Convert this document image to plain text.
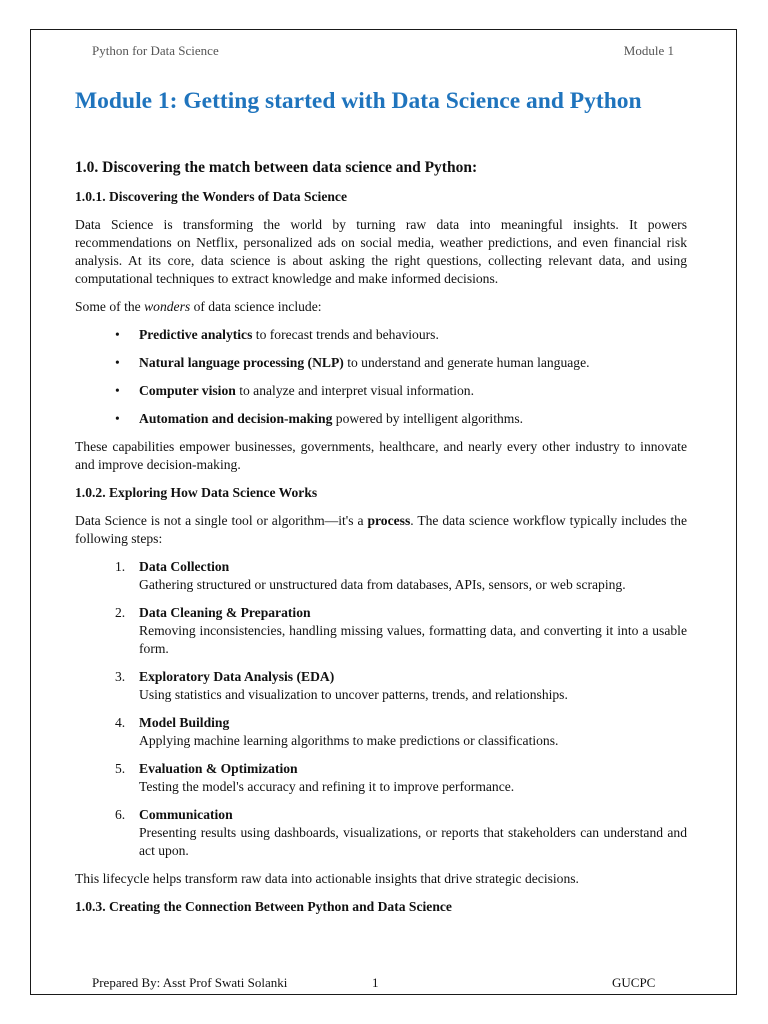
Python for Data Science	Module 1
Module 1: Getting started with Data Science and Python
1.0. Discovering the match between data science and Python:
1.0.1. Discovering the Wonders of Data Science

Data Science is transforming the world by turning raw data into meaningful insights. It powers recommendations on Netflix, personalized ads on social media, weather predictions, and even financial risk analysis. At its core, data science is about asking the right questions, collecting relevant data, and using computational techniques to extract knowledge and make informed decisions.

Some of the wonders of data science include:

• Predictive analytics to forecast trends and behaviours.
• Natural language processing (NLP) to understand and generate human language.
• Computer vision to analyze and interpret visual information.
• Automation and decision-making powered by intelligent algorithms.

These capabilities empower businesses, governments, healthcare, and nearly every other industry to innovate and improve decision-making.

1.0.2. Exploring How Data Science Works

Data Science is not a single tool or algorithm—it's a process. The data science workflow typically includes the following steps:

1. Data Collection
Gathering structured or unstructured data from databases, APIs, sensors, or web scraping.
2. Data Cleaning & Preparation
Removing inconsistencies, handling missing values, formatting data, and converting it into a usable form.
3. Exploratory Data Analysis (EDA)
Using statistics and visualization to uncover patterns, trends, and relationships.
4. Model Building
Applying machine learning algorithms to make predictions or classifications.
5. Evaluation & Optimization
Testing the model's accuracy and refining it to improve performance.
6. Communication
Presenting results using dashboards, visualizations, or reports that stakeholders can understand and act upon.

This lifecycle helps transform raw data into actionable insights that drive strategic decisions.

1.0.3. Creating the Connection Between Python and Data Science
Prepared By: Asst Prof Swati Solanki	1	GUCPC
